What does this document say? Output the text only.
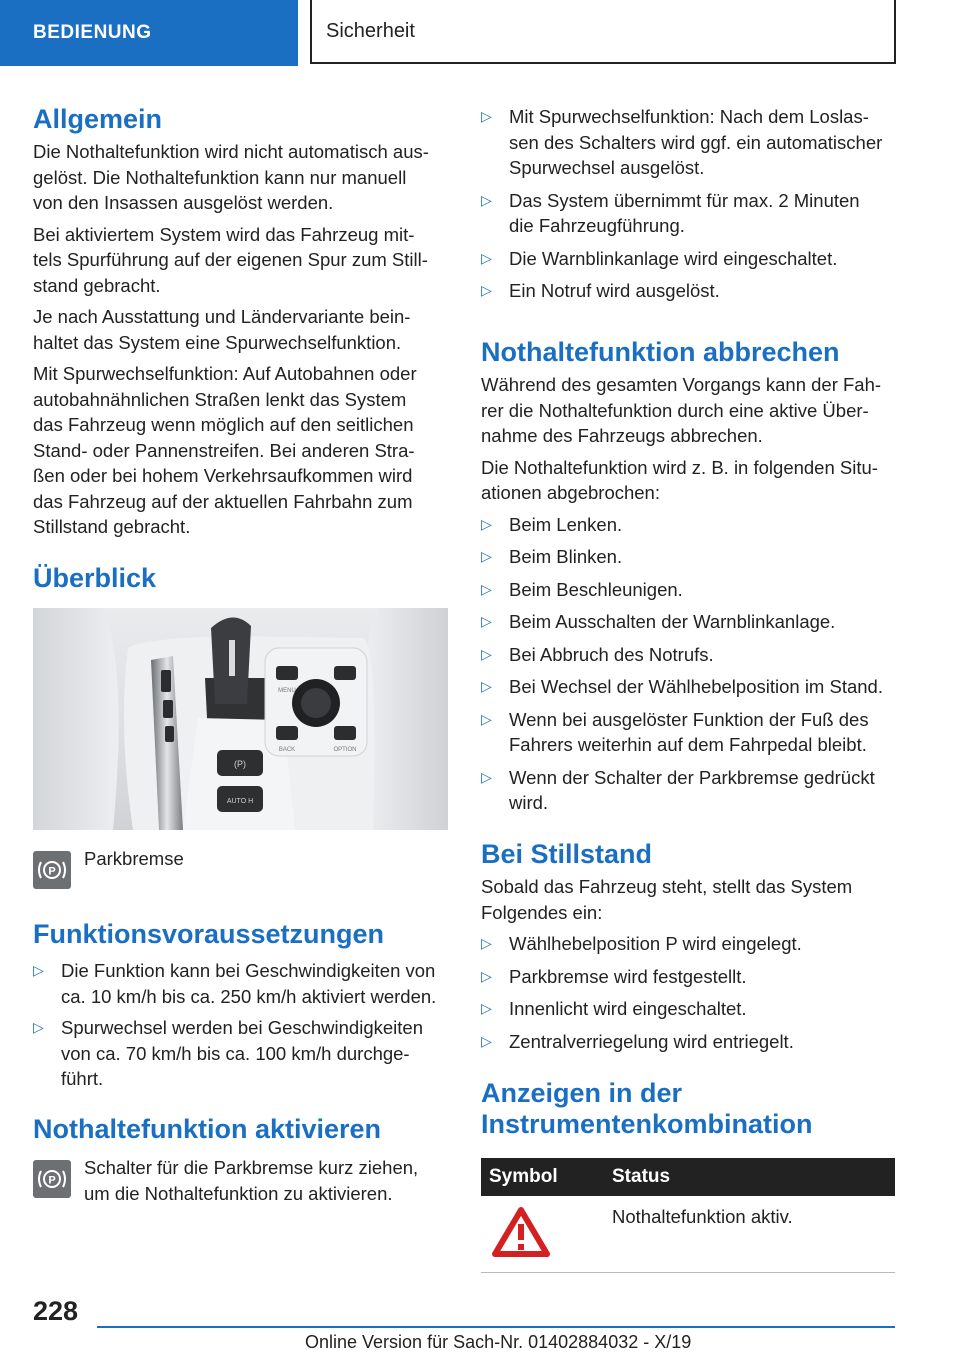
BEDIENUNG	Sicherheit
Allgemein

Die Nothaltefunktion wird nicht automatisch aus-
gelöst. Die Nothaltefunktion kann nur manuell
von den Insassen ausgelöst werden.

Bei aktiviertem System wird das Fahrzeug mit-
tels Spurführung auf der eigenen Spur zum Still-
stand gebracht.

Je nach Ausstattung und Ländervariante bein-
haltet das System eine Spurwechselfunktion.

Mit Spurwechselfunktion: Auf Autobahnen oder
autobahnähnlichen Straßen lenkt das System
das Fahrzeug wenn möglich auf den seitlichen
Stand- oder Pannenstreifen. Bei anderen Stra-
ßen oder bei hohem Verkehrsaufkommen wird
das Fahrzeug auf der aktuellen Fahrbahn zum
Stillstand gebracht.

Überblick
(P)
AUTO H
MENU
BACK	OPTION
P

Parkbremse

Funktionsvoraussetzungen
▷ Die Funktion kann bei Geschwindigkeiten von
ca. 10 km/h bis ca. 250 km/h aktiviert werden.
▷ Spurwechsel werden bei Geschwindigkeiten
von ca. 70 km/h bis ca. 100 km/h durchge-
führt.
Nothaltefunktion aktivieren
P

Schalter für die Parkbremse kurz ziehen,
um die Nothaltefunktion zu aktivieren.

▷ Mit Spurwechselfunktion: Nach dem Loslas-
sen des Schalters wird ggf. ein automatischer
Spurwechsel ausgelöst.
▷ Das System übernimmt für max. 2 Minuten
die Fahrzeugführung.
▷ Die Warnblinkanlage wird eingeschaltet.
▷ Ein Notruf wird ausgelöst.
Nothaltefunktion abbrechen

Während des gesamten Vorgangs kann der Fah-
rer die Nothaltefunktion durch eine aktive Über-
nahme des Fahrzeugs abbrechen.

Die Nothaltefunktion wird z. B. in folgenden Situ-
ationen abgebrochen:

▷ Beim Lenken.
▷ Beim Blinken.
▷ Beim Beschleunigen.
▷ Beim Ausschalten der Warnblinkanlage.
▷ Bei Abbruch des Notrufs.
▷ Bei Wechsel der Wählhebelposition im Stand.
▷ Wenn bei ausgelöster Funktion der Fuß des
Fahrers weiterhin auf dem Fahrpedal bleibt.
▷ Wenn der Schalter der Parkbremse gedrückt
wird.
Bei Stillstand

Sobald das Fahrzeug steht, stellt das System
Folgendes ein:

▷ Wählhebelposition P wird eingelegt.
▷ Parkbremse wird festgestellt.
▷ Innenlicht wird eingeschaltet.
▷ Zentralverriegelung wird entriegelt.
Anzeigen in der
Instrumentenkombination
Symbol	Status

Nothaltefunktion aktiv.

228
Online Version für Sach-Nr. 01402884032 - X/19
